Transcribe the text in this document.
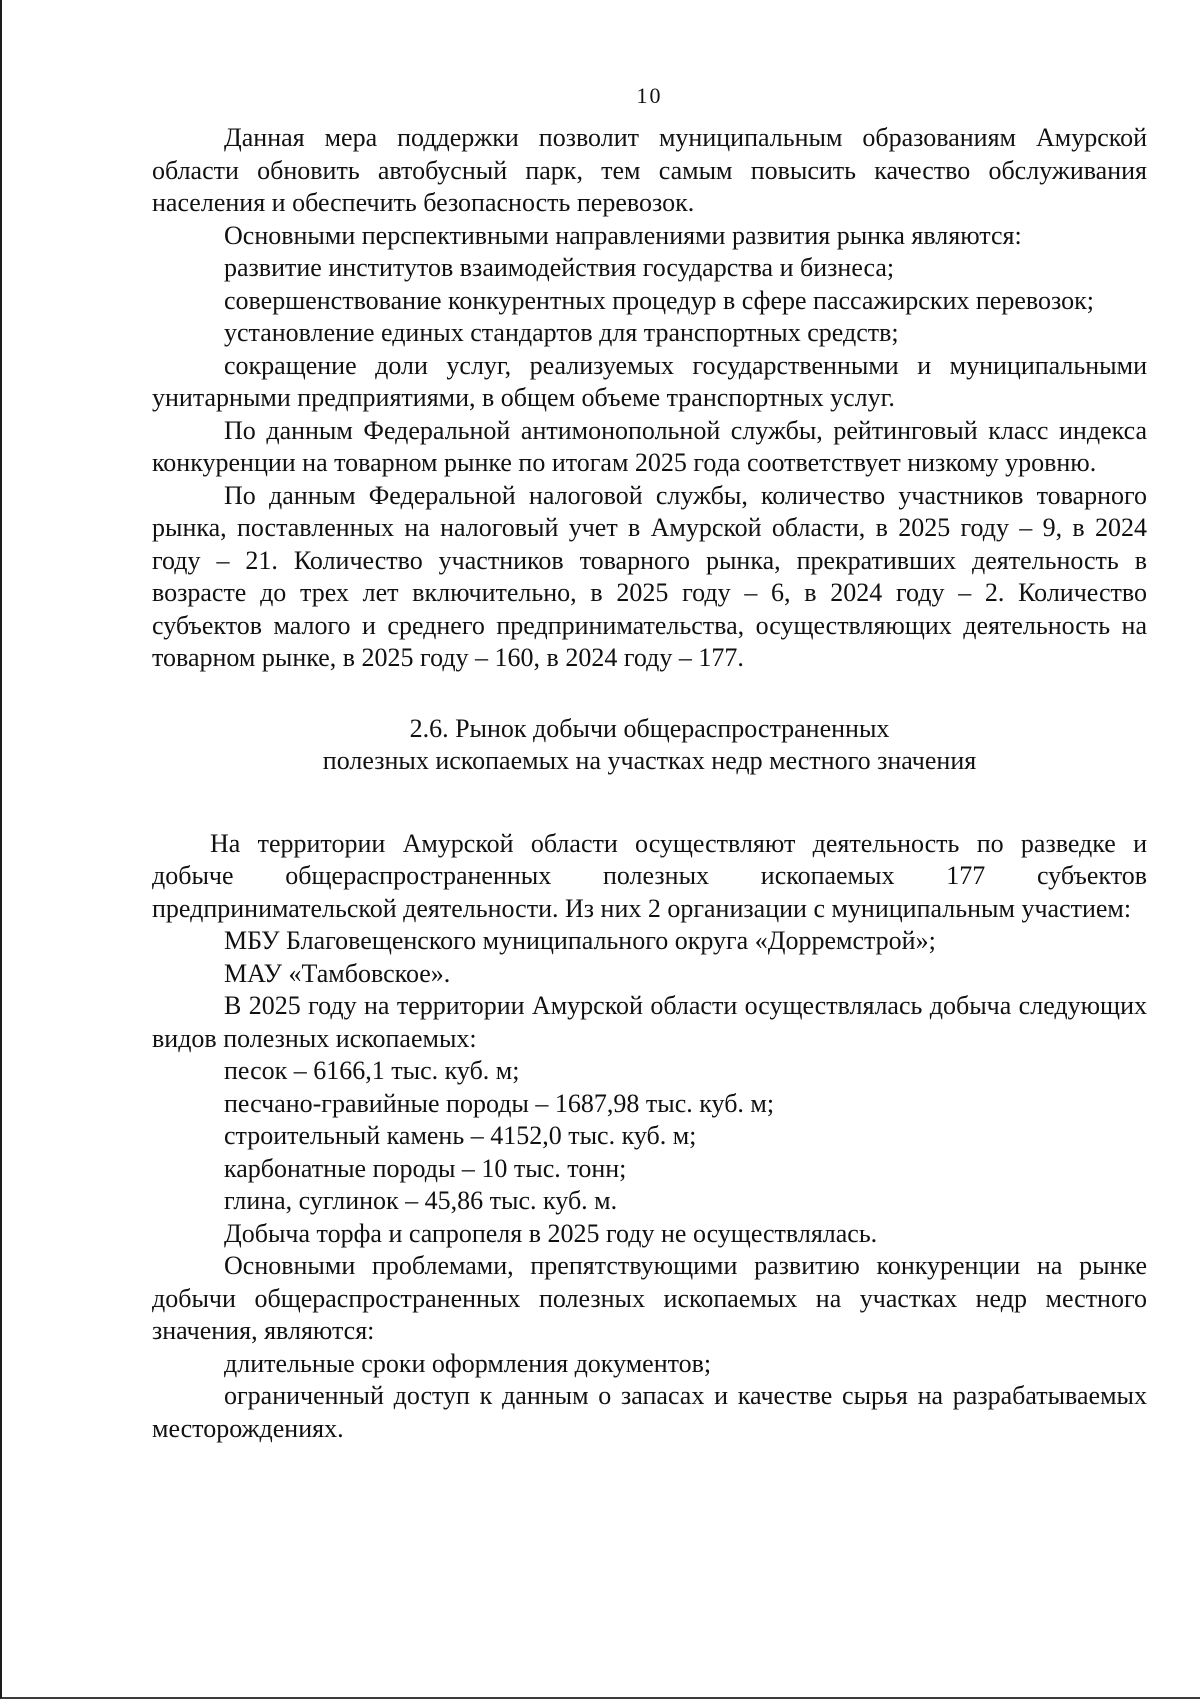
10

Данная мера поддержки позволит муниципальным образованиям Амурской области обновить автобусный парк, тем самым повысить качество обслуживания населения и обеспечить безопасность перевозок.

Основными перспективными направлениями развития рынка являются:

развитие институтов взаимодействия государства и бизнеса;

совершенствование конкурентных процедур в сфере пассажирских перевозок;

установление единых стандартов для транспортных средств;

сокращение доли услуг, реализуемых государственными и муниципальными унитарными предприятиями, в общем объеме транспортных услуг.

По данным Федеральной антимонопольной службы, рейтинговый класс индекса конкуренции на товарном рынке по итогам 2025 года соответствует низкому уровню.

По данным Федеральной налоговой службы, количество участников товарного рынка, поставленных на налоговый учет в Амурской области, в 2025 году – 9, в 2024 году – 21. Количество участников товарного рынка, прекративших деятельность в возрасте до трех лет включительно, в 2025 году – 6, в 2024 году – 2. Количество субъектов малого и среднего предпринимательства, осуществляющих деятельность на товарном рынке, в 2025 году – 160, в 2024 году – 177.

2.6. Рынок добычи общераспространенных
полезных ископаемых на участках недр местного значения

На территории Амурской области осуществляют деятельность по разведке и добыче общераспространенных полезных ископаемых 177 субъектов предпринимательской деятельности. Из них 2 организации с муниципальным участием:

МБУ Благовещенского муниципального округа «Дорремстрой»;

МАУ «Тамбовское».

В 2025 году на территории Амурской области осуществлялась добыча следующих видов полезных ископаемых:

песок – 6166,1 тыс. куб. м;

песчано-гравийные породы – 1687,98 тыс. куб. м;

строительный камень – 4152,0 тыс. куб. м;

карбонатные породы – 10 тыс. тонн;

глина, суглинок – 45,86 тыс. куб. м.

Добыча торфа и сапропеля в 2025 году не осуществлялась.

Основными проблемами, препятствующими развитию конкуренции на рынке добычи общераспространенных полезных ископаемых на участках недр местного значения, являются:

длительные сроки оформления документов;

ограниченный доступ к данным о запасах и качестве сырья на разрабатываемых месторождениях.
